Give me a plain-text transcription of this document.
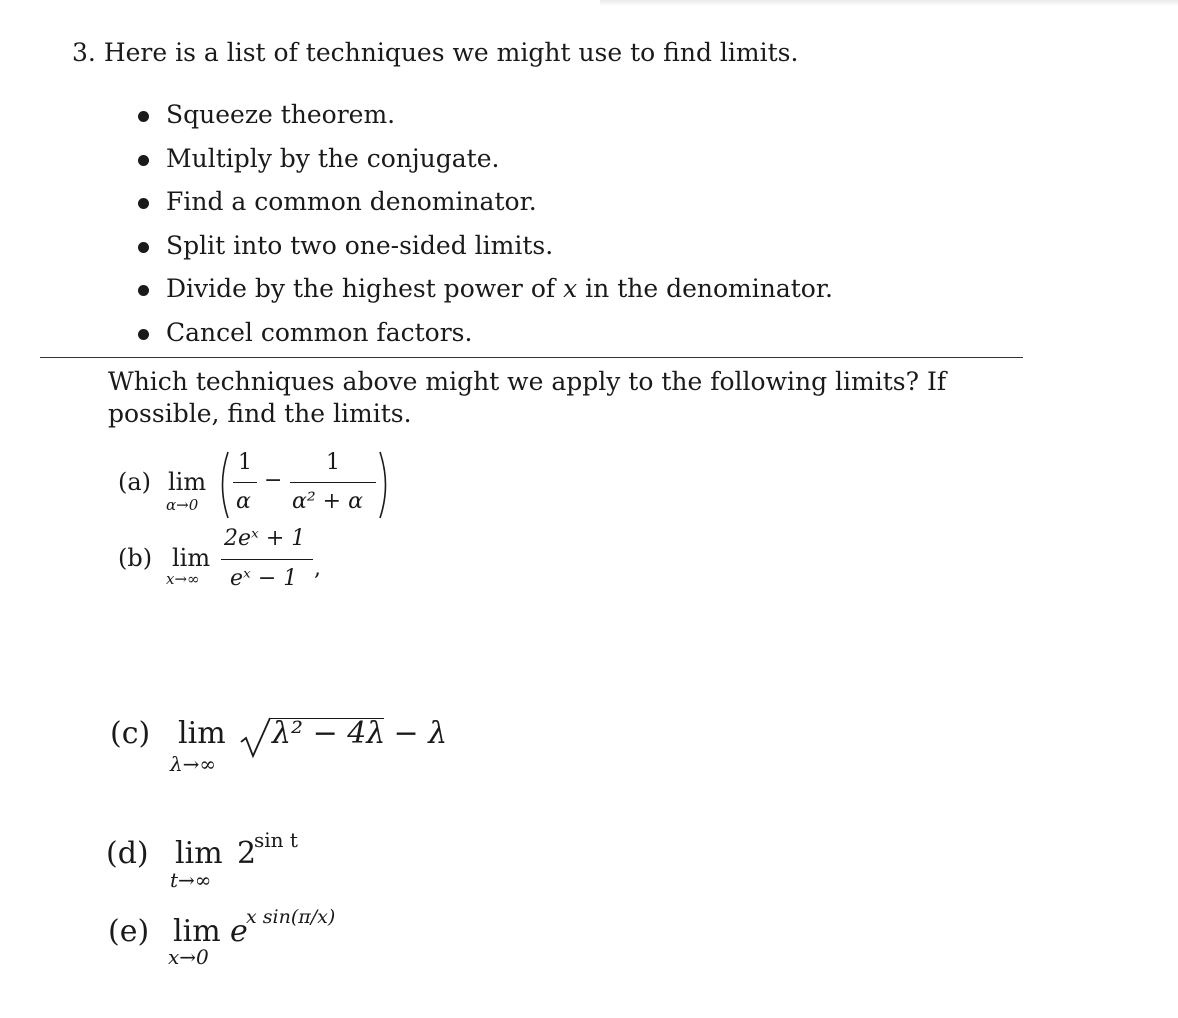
3. Here is a list of techniques we might use to find limits.
Squeeze theorem.
Multiply by the conjugate.
Find a common denominator.
Split into two one-sided limits.
Divide by the highest power of x in the denominator.
Cancel common factors.
Which techniques above might we apply to the following limits? If possible, find the limits.
(a) lim
α→0
1
α
−
1
α² + α
(b) lim
x→∞
2eˣ + 1
eˣ − 1 ,
(c) lim
λ→∞
λ² − 4λ
− λ
(d) lim
t→∞
2
sin t
(e) lim
x→0
e
x sin(π/x)
